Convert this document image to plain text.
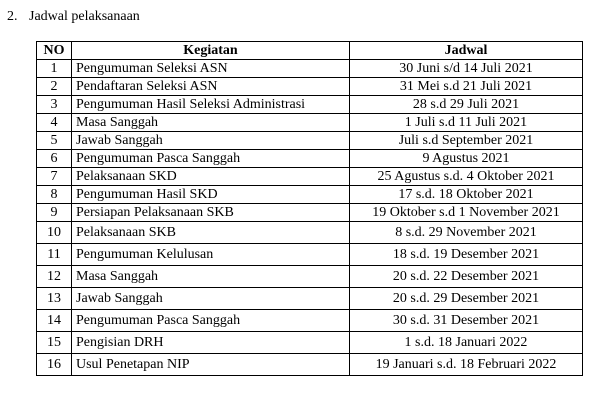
2. Jadwal pelaksanaan
NO	Kegiatan	Jadwal
1	Pengumuman Seleksi ASN	30 Juni s/d 14 Juli 2021
2	Pendaftaran Seleksi ASN	31 Mei s.d 21 Juli 2021
3	Pengumuman Hasil Seleksi Administrasi	28 s.d 29 Juli 2021
4	Masa Sanggah	1 Juli s.d 11 Juli 2021
5	Jawab Sanggah	Juli s.d September 2021
6	Pengumuman Pasca Sanggah	9 Agustus 2021
7	Pelaksanaan SKD	25 Agustus s.d. 4 Oktober 2021
8	Pengumuman Hasil SKD	17 s.d. 18 Oktober 2021
9	Persiapan Pelaksanaan SKB	19 Oktober s.d 1 November 2021
10	Pelaksanaan SKB	8 s.d. 29 November 2021
11	Pengumuman Kelulusan	18 s.d. 19 Desember 2021
12	Masa Sanggah	20 s.d. 22 Desember 2021
13	Jawab Sanggah	20 s.d. 29 Desember 2021
14	Pengumuman Pasca Sanggah	30 s.d. 31 Desember 2021
15	Pengisian DRH	1 s.d. 18 Januari 2022
16	Usul Penetapan NIP	19 Januari s.d. 18 Februari 2022
